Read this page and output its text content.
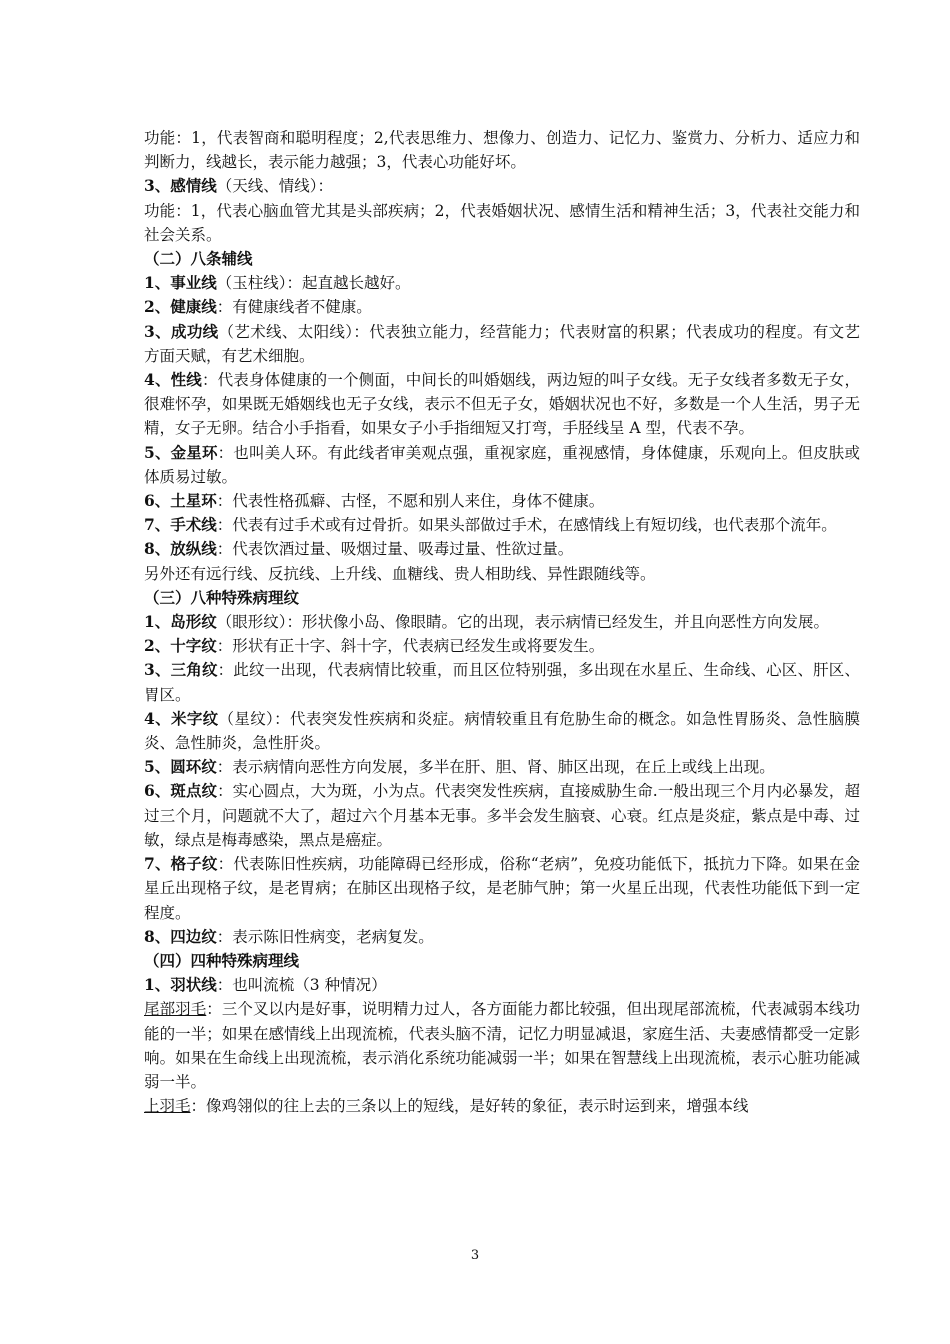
功能：1，代表智商和聪明程度；2,代表思维力、想像力、创造力、记忆力、鉴赏力、分析力、适应力和判断力，线越长，表示能力越强；3，代表心功能好坏。

3、感情线（天线、情线）：

功能：1，代表心脑血管尤其是头部疾病；2，代表婚姻状况、感情生活和精神生活；3，代表社交能力和社会关系。

（二）八条辅线

1、事业线（玉柱线）：起直越长越好。

2、健康线：有健康线者不健康。

3、成功线（艺术线、太阳线）：代表独立能力，经营能力；代表财富的积累；代表成功的程度。有文艺方面天赋，有艺术细胞。

4、性线：代表身体健康的一个侧面，中间长的叫婚姻线，两边短的叫子女线。无子女线者多数无子女，很难怀孕，如果既无婚姻线也无子女线，表示不但无子女，婚姻状况也不好，多数是一个人生活，男子无精，女子无卵。结合小手指看，如果女子小手指细短又打弯，手胫线呈 A 型，代表不孕。

5、金星环：也叫美人环。有此线者审美观点强，重视家庭，重视感情，身体健康，乐观向上。但皮肤或体质易过敏。

6、土星环：代表性格孤癖、古怪，不愿和别人来住，身体不健康。

7、手术线：代表有过手术或有过骨折。如果头部做过手术，在感情线上有短切线，也代表那个流年。

8、放纵线：代表饮酒过量、吸烟过量、吸毒过量、性欲过量。

另外还有远行线、反抗线、上升线、血糖线、贵人相助线、异性跟随线等。

（三）八种特殊病理纹

1、岛形纹（眼形纹）：形状像小岛、像眼睛。它的出现，表示病情已经发生，并且向恶性方向发展。

2、十字纹：形状有正十字、斜十字，代表病已经发生或将要发生。

3、三角纹：此纹一出现，代表病情比较重，而且区位特别强，多出现在水星丘、生命线、心区、肝区、胃区。

4、米字纹（星纹）：代表突发性疾病和炎症。病情较重且有危胁生命的概念。如急性胃肠炎、急性脑膜炎、急性肺炎，急性肝炎。

5、圆环纹：表示病情向恶性方向发展，多半在肝、胆、肾、肺区出现，在丘上或线上出现。

6、斑点纹：实心圆点，大为斑，小为点。代表突发性疾病，直接威胁生命.一般出现三个月内必暴发，超过三个月，问题就不大了，超过六个月基本无事。多半会发生脑衰、心衰。红点是炎症，紫点是中毒、过敏，绿点是梅毒感染，黑点是癌症。

7、格子纹：代表陈旧性疾病，功能障碍已经形成，俗称“老病”，免疫功能低下，抵抗力下降。如果在金星丘出现格子纹，是老胃病；在肺区出现格子纹，是老肺气肿；第一火星丘出现，代表性功能低下到一定程度。

8、四边纹：表示陈旧性病变，老病复发。

（四）四种特殊病理线

1、羽状线：也叫流梳（3 种情况）

尾部羽毛：三个叉以内是好事，说明精力过人，各方面能力都比较强，但出现尾部流梳，代表减弱本线功能的一半；如果在感情线上出现流梳，代表头脑不清，记忆力明显减退，家庭生活、夫妻感情都受一定影响。如果在生命线上出现流梳，表示消化系统功能减弱一半；如果在智慧线上出现流梳，表示心脏功能减弱一半。

上羽毛：像鸡翎似的往上去的三条以上的短线，是好转的象征，表示时运到来，增强本线

3
